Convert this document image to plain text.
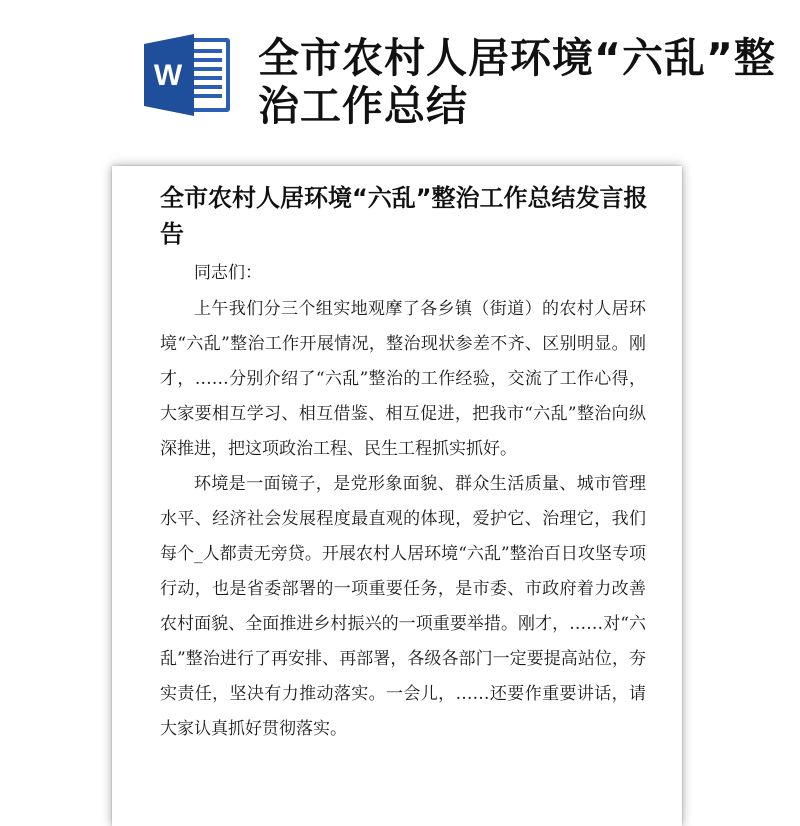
W 全市农村人居环境“六乱”整治工作总结
全市农村人居环境“六乱”整治工作总结发言报告

同志们：

上午我们分三个组实地观摩了各乡镇（街道）的农村人居环境“六乱”整治工作开展情况，整治现状参差不齐、区别明显。刚才，……分别介绍了“六乱”整治的工作经验，交流了工作心得，大家要相互学习、相互借鉴、相互促进，把我市“六乱”整治向纵深推进，把这项政治工程、民生工程抓实抓好。

环境是一面镜子，是党形象面貌、群众生活质量、城市管理水平、经济社会发展程度最直观的体现，爱护它、治理它，我们每个_人都责无旁贷。开展农村人居环境“六乱”整治百日攻坚专项行动，也是省委部署的一项重要任务，是市委、市政府着力改善农村面貌、全面推进乡村振兴的一项重要举措。刚才，……对“六乱”整治进行了再安排、再部署，各级各部门一定要提高站位，夯实责任，坚决有力推动落实。一会儿，……还要作重要讲话，请大家认真抓好贯彻落实。
